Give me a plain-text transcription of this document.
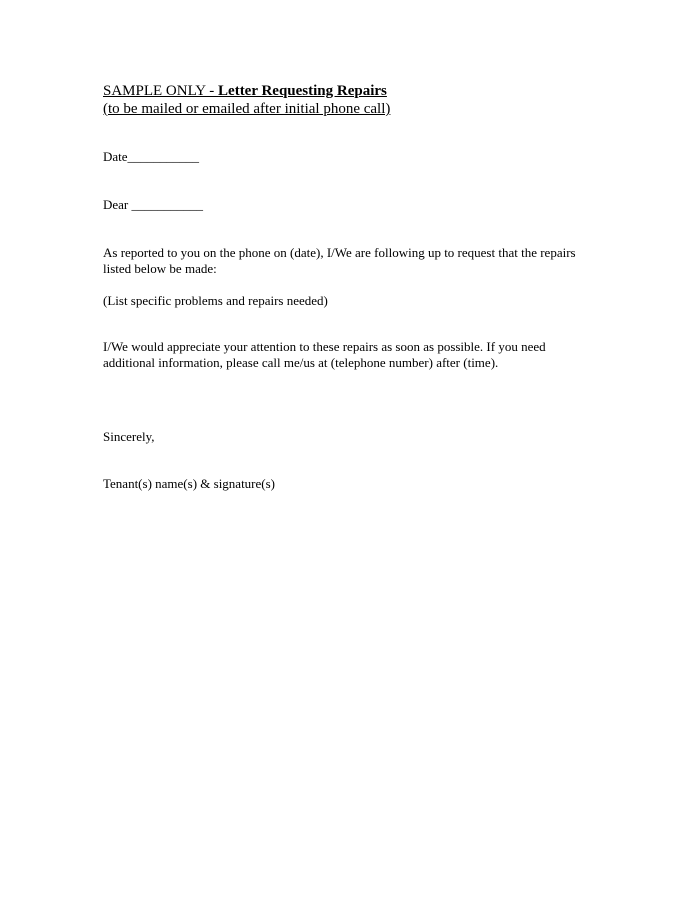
SAMPLE ONLY - Letter Requesting Repairs

(to be mailed or emailed after initial phone call)

Date___________

Dear ___________

As reported to you on the phone on (date), I/We are following up to request that the repairs listed below be made:

(List specific problems and repairs needed)

I/We would appreciate your attention to these repairs as soon as possible. If you need additional information, please call me/us at (telephone number) after (time).

Sincerely,

Tenant(s) name(s) & signature(s)
